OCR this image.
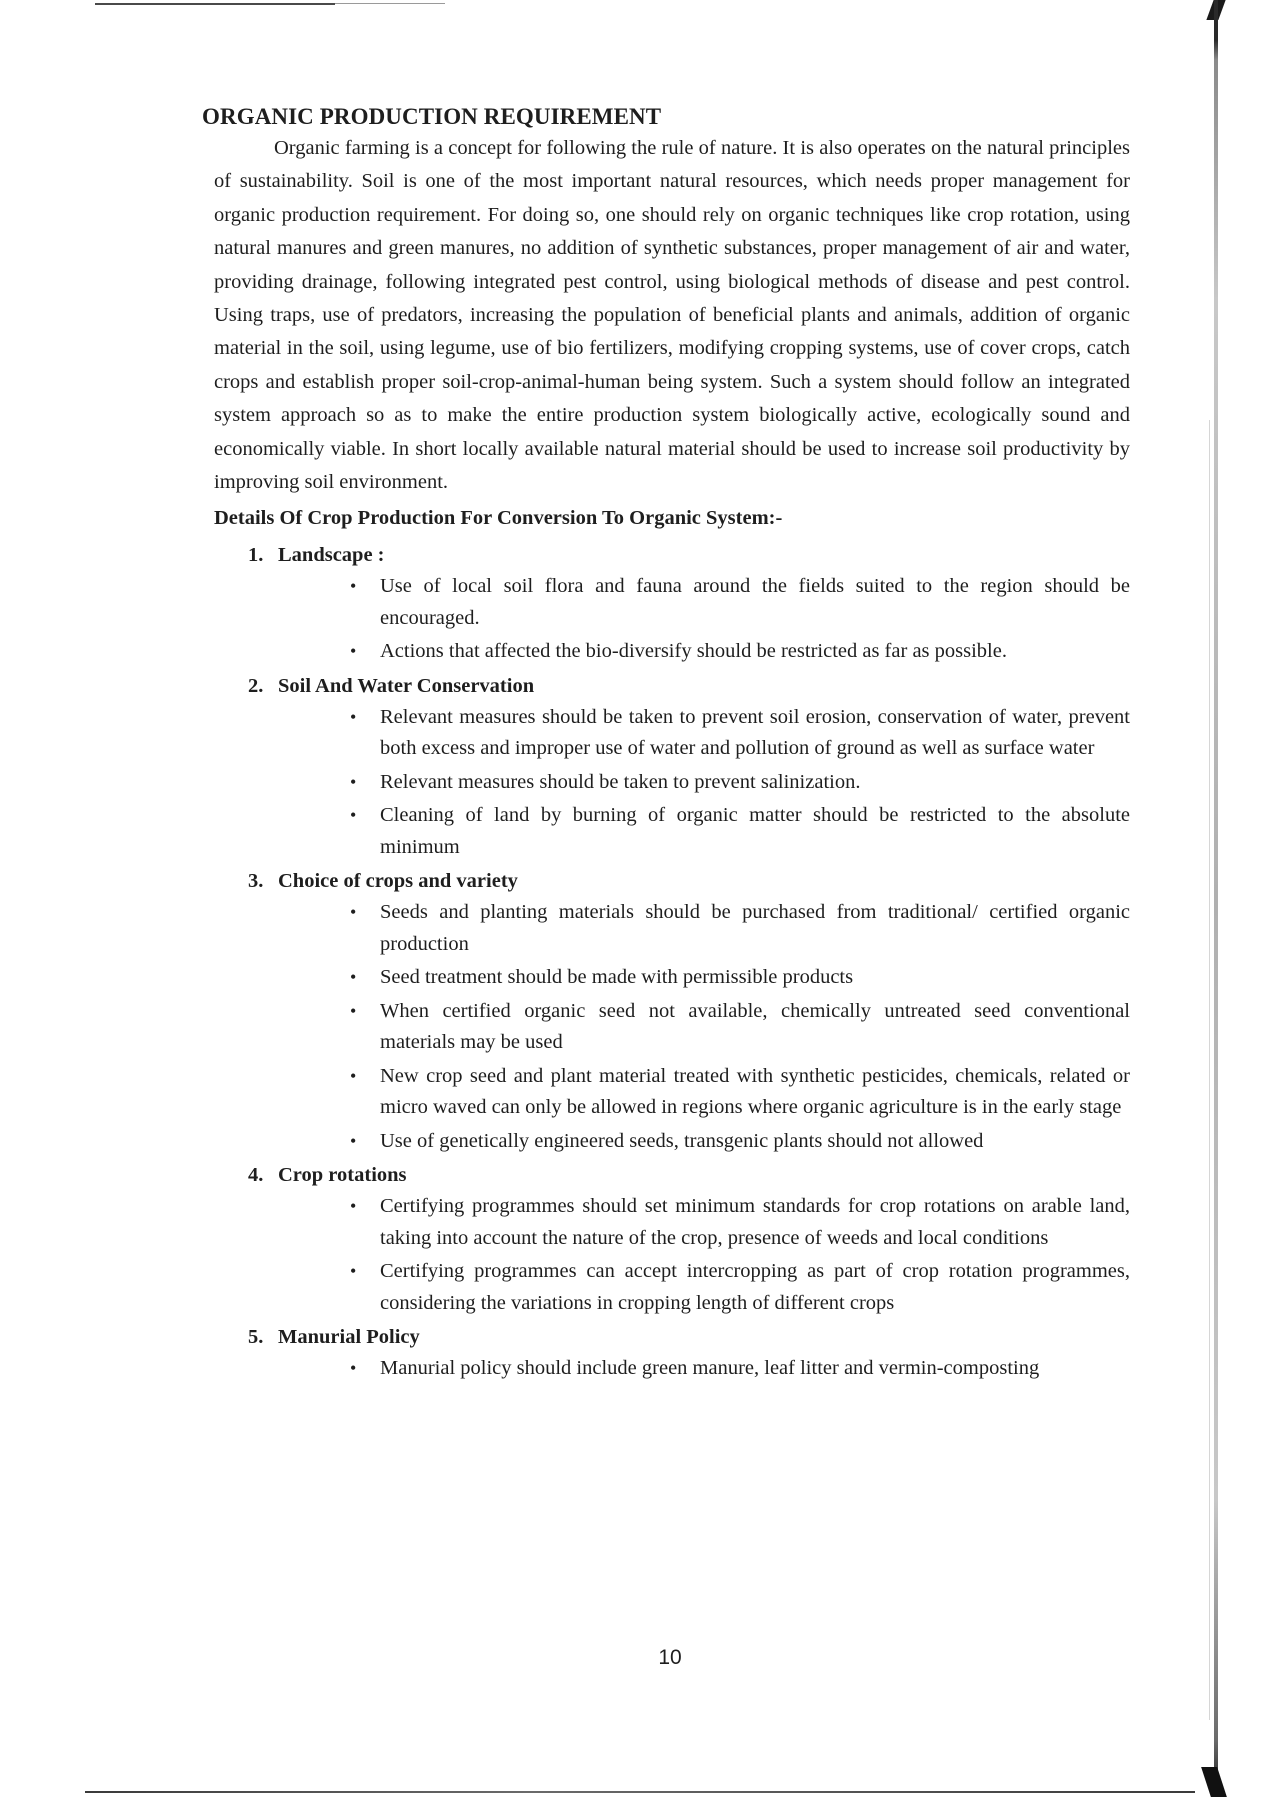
ORGANIC PRODUCTION REQUIREMENT

Organic farming is a concept for following the rule of nature. It is also operates on the natural principles of sustainability. Soil is one of the most important natural resources, which needs proper management for organic production requirement. For doing so, one should rely on organic techniques like crop rotation, using natural manures and green manures, no addition of synthetic substances, proper management of air and water, providing drainage, following integrated pest control, using biological methods of disease and pest control. Using traps, use of predators, increasing the population of beneficial plants and animals, addition of organic material in the soil, using legume, use of bio fertilizers, modifying cropping systems, use of cover crops, catch crops and establish proper soil-crop-animal-human being system. Such a system should follow an integrated system approach so as to make the entire production system biologically active, ecologically sound and economically viable. In short locally available natural material should be used to increase soil productivity by improving soil environment.

Details Of Crop Production For Conversion To Organic System:-
1. Landscape :
• Use of local soil flora and fauna around the fields suited to the region should be encouraged.
• Actions that affected the bio-diversify should be restricted as far as possible.
2. Soil And Water Conservation
• Relevant measures should be taken to prevent soil erosion, conservation of water, prevent both excess and improper use of water and pollution of ground as well as surface water
• Relevant measures should be taken to prevent salinization.
• Cleaning of land by burning of organic matter should be restricted to the absolute minimum
3. Choice of crops and variety
• Seeds and planting materials should be purchased from traditional/ certified organic production
• Seed treatment should be made with permissible products
• When certified organic seed not available, chemically untreated seed conventional materials may be used
• New crop seed and plant material treated with synthetic pesticides, chemicals, related or micro waved can only be allowed in regions where organic agriculture is in the early stage
• Use of genetically engineered seeds, transgenic plants should not allowed
4. Crop rotations
• Certifying programmes should set minimum standards for crop rotations on arable land, taking into account the nature of the crop, presence of weeds and local conditions
• Certifying programmes can accept intercropping as part of crop rotation programmes, considering the variations in cropping length of different crops
5. Manurial Policy
• Manurial policy should include green manure, leaf litter and vermin-composting
10
